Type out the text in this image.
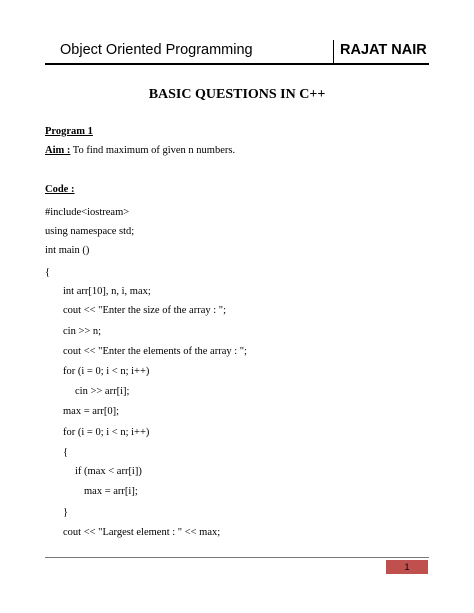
Object Oriented Programming	RAJAT NAIR
BASIC QUESTIONS IN C++
Program 1
Aim : To find maximum of given n numbers.
Code :
#include<iostream>
using namespace std;
int main ()
{
int arr[10], n, i, max;
cout << "Enter the size of the array : ";
cin >> n;
cout << "Enter the elements of the array : ";
for (i = 0; i < n; i++)
cin >> arr[i];
max = arr[0];
for (i = 0; i < n; i++)
{
if (max < arr[i])
max = arr[i];
}
cout << "Largest element : " << max;
1
